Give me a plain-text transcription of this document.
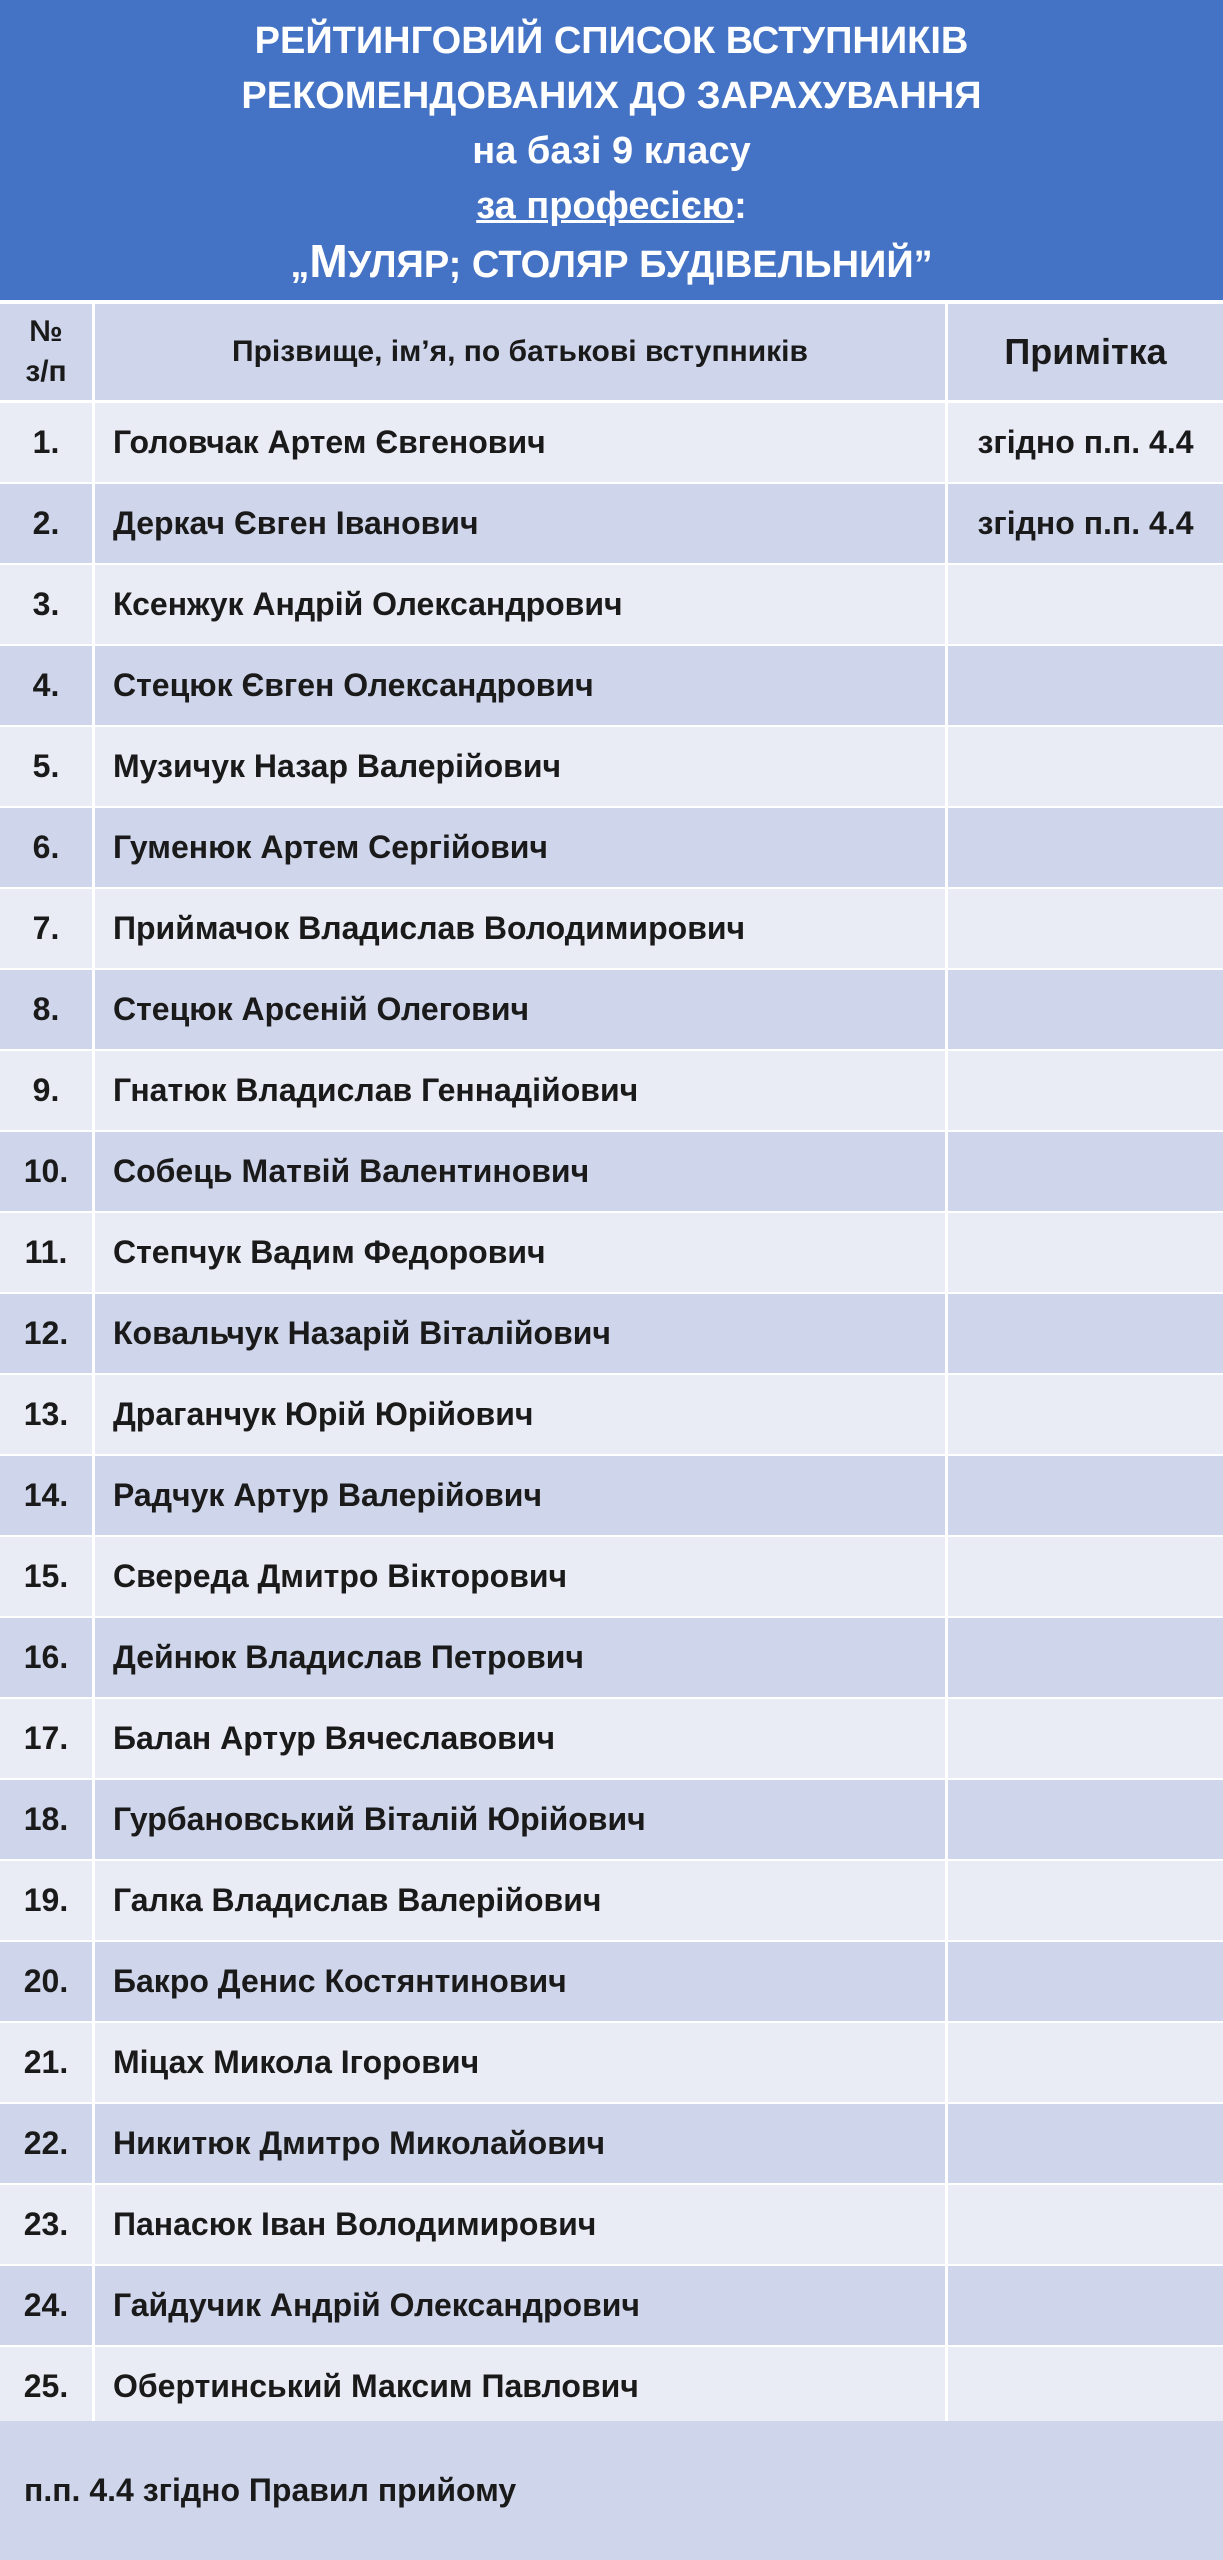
РЕЙТИНГОВИЙ СПИСОК ВСТУПНИКІВ
РЕКОМЕНДОВАНИХ ДО ЗАРАХУВАННЯ
на базі 9 класу
за професією:
„МУЛЯР; СТОЛЯР БУДІВЕЛЬНИЙ”
№
з/п
Прізвище, ім’я, по батькові вступників	Примітка
1.	Головчак Артем Євгенович	згідно п.п. 4.4
2.	Деркач Євген Іванович	згідно п.п. 4.4
3.	Ксенжук Андрій Олександрович
4.	Стецюк Євген Олександрович
5.	Музичук Назар Валерійович
6.	Гуменюк Артем Сергійович
7.	Приймачок Владислав Володимирович
8.	Стецюк Арсеній Олегович
9.	Гнатюк Владислав Геннадійович
10.	Собець Матвій Валентинович
11.	Степчук Вадим Федорович
12.	Ковальчук Назарій Віталійович
13.	Драганчук Юрій Юрійович
14.	Радчук Артур Валерійович
15.	Свереда Дмитро Вікторович
16.	Дейнюк Владислав Петрович
17.	Балан Артур Вячеславович
18.	Гурбановський Віталій Юрійович
19.	Галка Владислав Валерійович
20.	Бакро Денис Костянтинович
21.	Міцах Микола Ігорович
22.	Никитюк Дмитро Миколайович
23.	Панасюк Іван Володимирович
24.	Гайдучик Андрій Олександрович
25.	Обертинський Максим Павлович
п.п. 4.4 згідно Правил прийому
